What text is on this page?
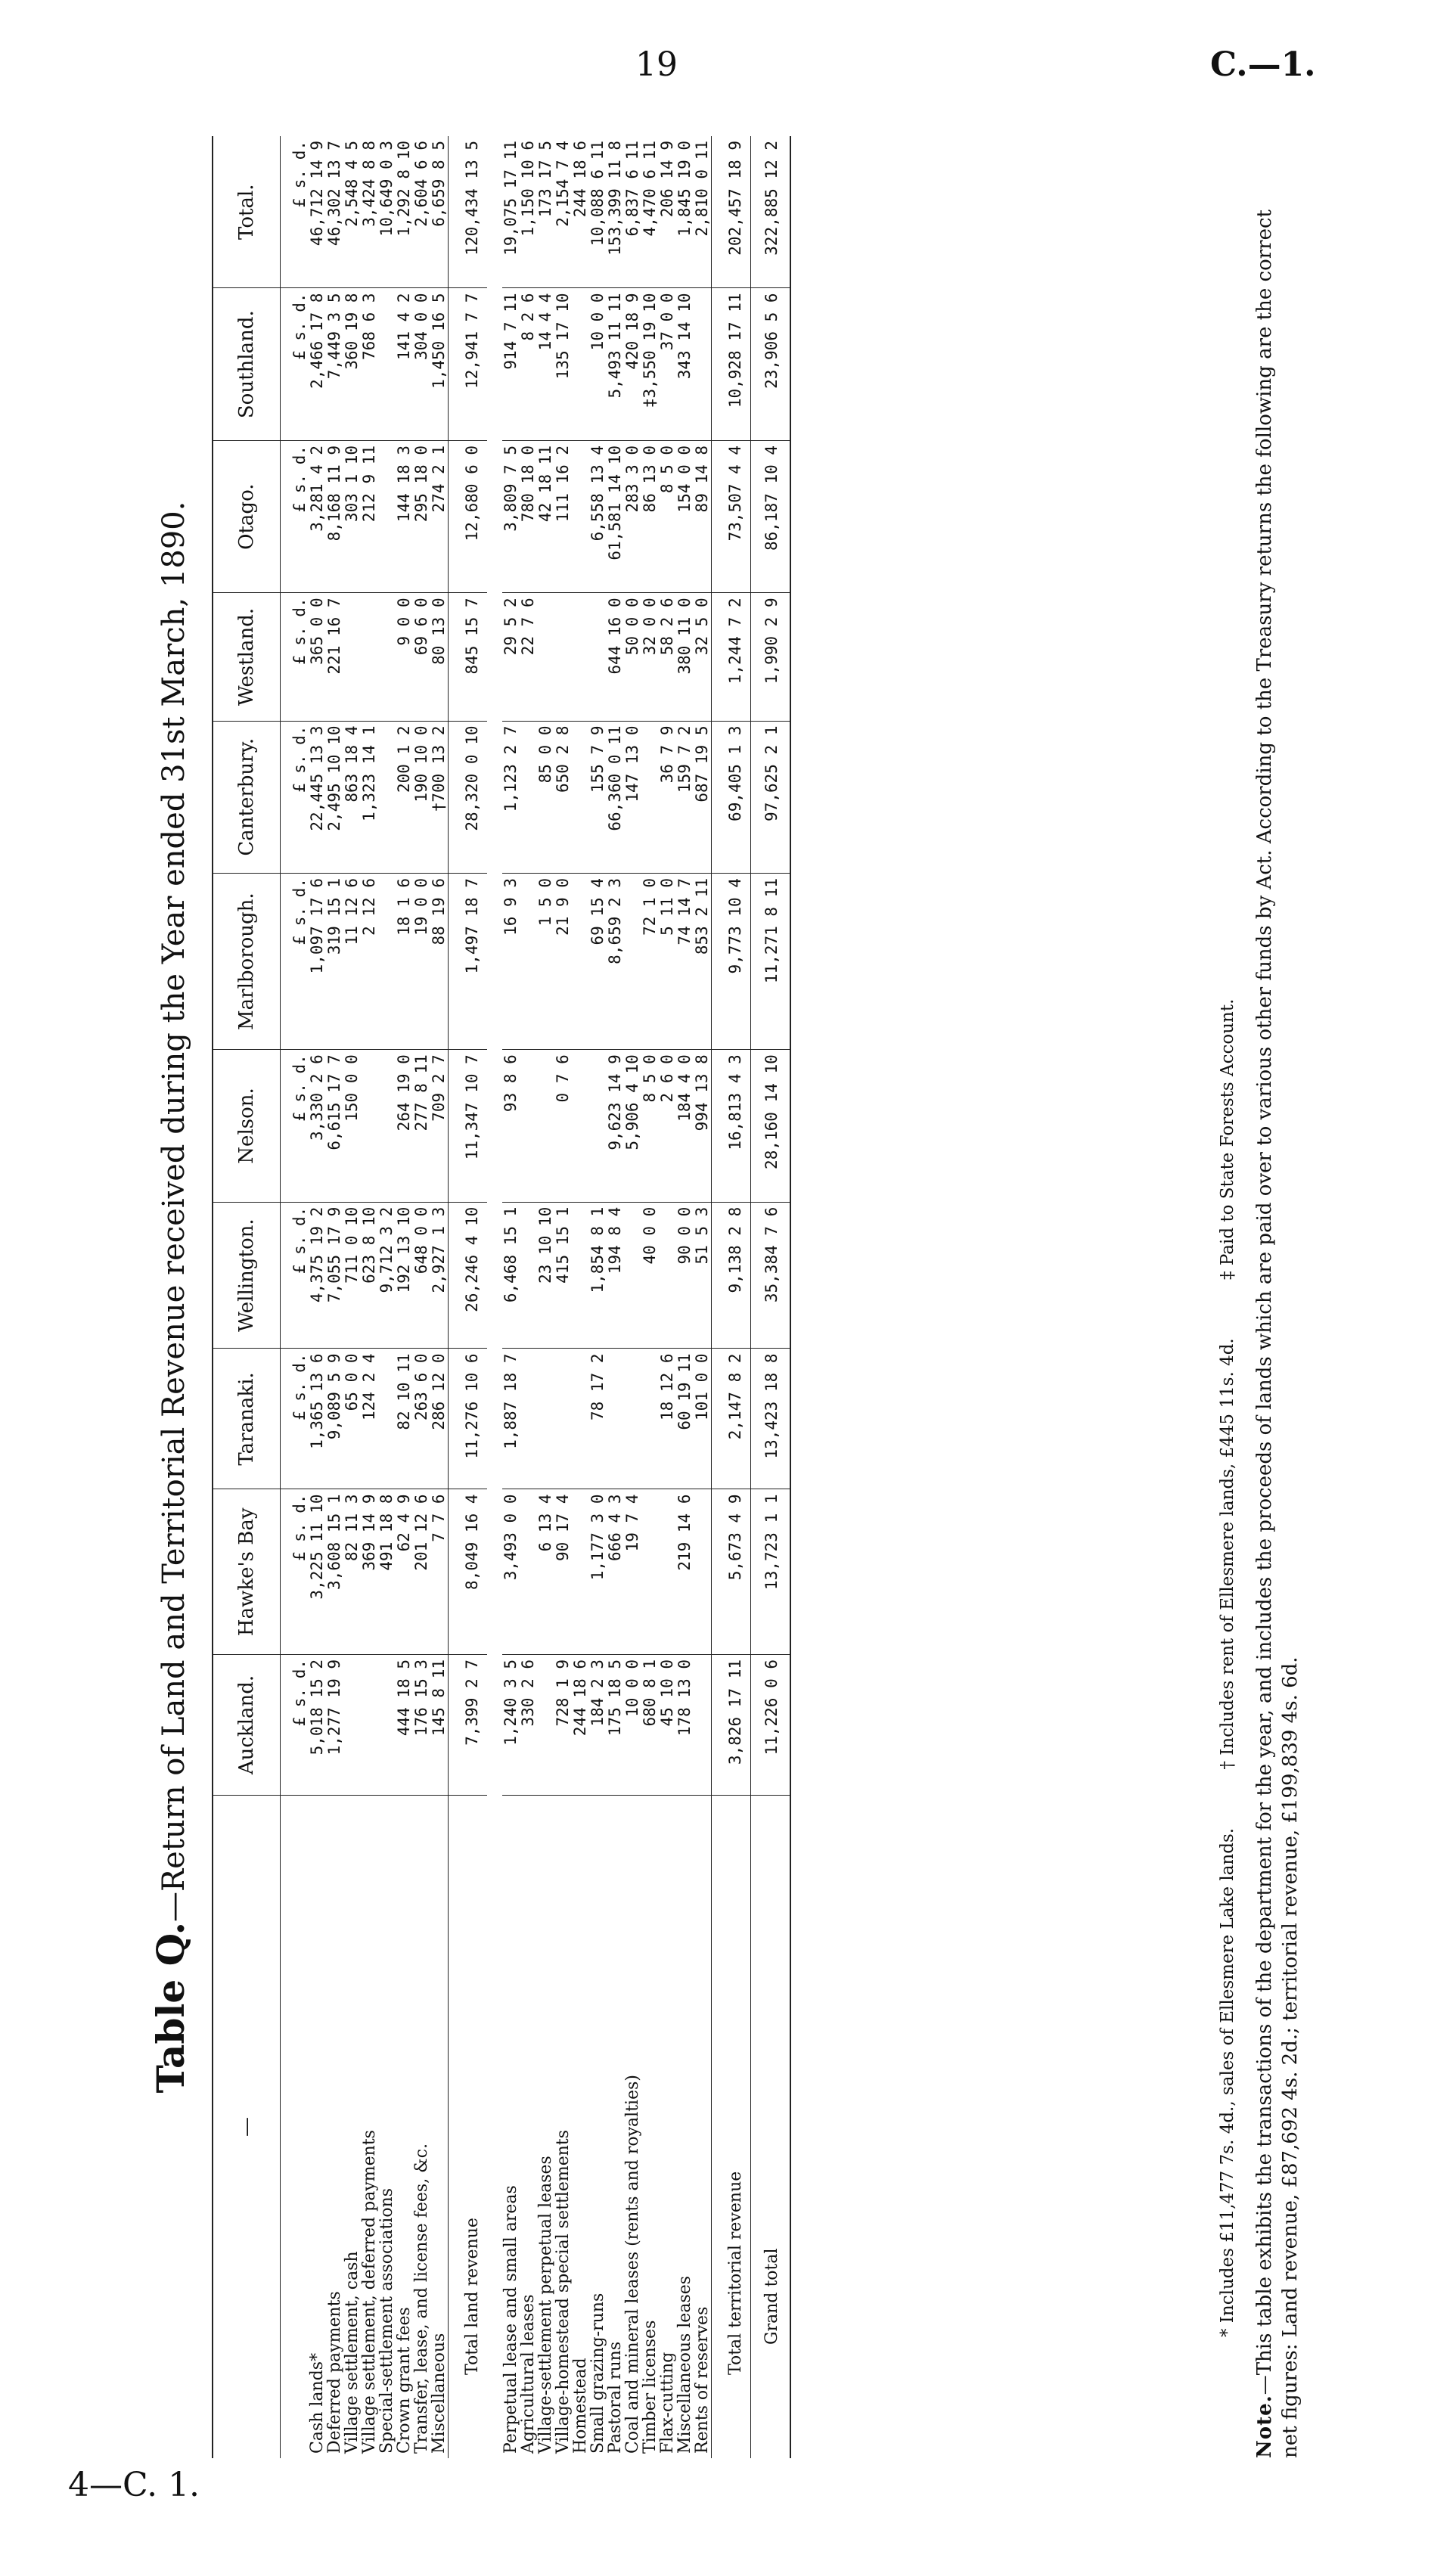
19	C.—1.
4—C. 1.
Table Q.—Return of Land and Territorial Revenue received during the Year ended 31st March, 1890.
—	Auckland.	Hawke's Bay	Taranaki.	Wellington.	Nelson.	Marlborough.	Canterbury.	Westland.	Otago.	Southland.	Total.
	£ s. d.	£ s. d.	£ s. d.	£ s. d.	£ s. d.	£ s. d.	£ s. d.	£ s. d.	£ s. d.	£ s. d.	£ s. d.
Cash lands*	5,018 15 2	3,225 11 10	1,365 13 6	4,375 19 2	3,330 2 6	1,097 17 6	22,445 13 3	365 0 0	3,281 4 2	2,466 17 8	46,712 14 9
Deferred payments	1,277 19 9	3,608 15 1	9,089 5 9	7,055 17 9	6,615 17 7	319 15 1	2,495 10 10	221 16 7	8,168 11 9	7,449 3 5	46,302 13 7
Village settlement, cash		82 11 3	65 0 0	711 0 10	150 0 0	11 12 6	863 18 4		303 1 10	360 19 8	2,548 4 5
Village settlement, deferred payments		369 14 9	124 2 4	623 8 10		2 12 6	1,323 14 1		212 9 11	768 6 3	3,424 8 8
Special-settlement associations		491 18 8		9,712 3 2							10,649 0 3
Crown grant fees	444 18 5	62 4 9	82 10 11	192 13 10	264 19 0	18 1 6	200 1 2	9 0 0	144 18 3	141 4 2	1,292 8 10
Transfer, lease, and license fees, &c.	176 15 3	201 12 6	263 6 0	648 0 0	277 8 11	19 0 0	190 10 0	69 6 0	295 18 0	304 0 0	2,604 6 6
Miscellaneous	145 8 11	7 7 6	286 12 0	2,927 1 3	709 2 7	88 19 6	†700 13 2	80 13 0	274 2 1	1,450 16 5	6,659 8 5
Total land revenue	7,399 2 7	8,049 16 4	11,276 10 6	26,246 4 10	11,347 10 7	1,497 18 7	28,320 0 10	845 15 7	12,680 6 0	12,941 7 7	120,434 13 5

Perpetual lease and small areas	1,240 3 5	3,493 0 0	1,887 18 7	6,468 15 1	93 8 6	16 9 3	1,123 2 7	29 5 2	3,809 7 5	914 7 11	19,075 17 11
Agricultural leases	330 2 6							22 7 6	780 18 0	8 2 6	1,150 10 6
Village-settlement perpetual leases		6 13 4		23 10 10		1 5 0	85 0 0		42 18 11	14 4 4	173 17 5
Village-homestead special settlements	728 1 9	90 17 4		415 15 1	0 7 6	21 9 0	650 2 8		111 16 2	135 17 10	2,154 7 4
Homestead	244 18 6										244 18 6
Small grazing-runs	184 2 3	1,177 3 0	78 17 2	1,854 8 1		69 15 4	155 7 9		6,558 13 4	10 0 0	10,088 6 11
Pastoral runs	175 18 5	666 4 3		194 8 4	9,623 14 9	8,659 2 3	66,360 0 11	644 16 0	61,581 14 10	5,493 11 11	153,399 11 8
Coal and mineral leases (rents and royalties)	10 0 0	19 7 4			5,906 4 10		147 13 0	50 0 0	283 3 0	420 18 9	6,837 6 11
Timber licenses	680 8 1			40 0 0	8 5 0	72 1 0		32 0 0	86 13 0	‡3,550 19 10	4,470 6 11
Flax-cutting	45 10 0		18 12 6		2 6 0	5 11 0	36 7 9	58 2 6	8 5 0	37 0 0	206 14 9
Miscellaneous leases	178 13 0	219 14 6	60 19 11	90 0 0	184 4 0	74 14 7	159 7 2	380 11 0	154 0 0	343 14 10	1,845 19 0
Rents of reserves			101 0 0	51 5 3	994 13 8	853 2 11	687 19 5	32 5 0	89 14 8		2,810 0 11
Total territorial revenue	3,826 17 11	5,673 4 9	2,147 8 2	9,138 2 8	16,813 4 3	9,773 10 4	69,405 1 3	1,244 7 2	73,507 4 4	10,928 17 11	202,457 18 9
Grand total	11,226 0 6	13,723 1 1	13,423 18 8	35,384 7 6	28,160 14 10	11,271 8 11	97,625 2 1	1,990 2 9	86,187 10 4	23,906 5 6	322,885 12 2
* Includes £11,477 7s. 4d., sales of Ellesmere Lake lands. † Includes rent of Ellesmere lands, £445 11s. 4d. ‡ Paid to State Forests Account.
Note.—This table exhibits the transactions of the department for the year, and includes the proceeds of lands which are paid over to various other funds by Act. According to the Treasury returns the following are the correct net figures: Land revenue, £87,692 4s. 2d.; territorial revenue, £199,839 4s. 6d.
